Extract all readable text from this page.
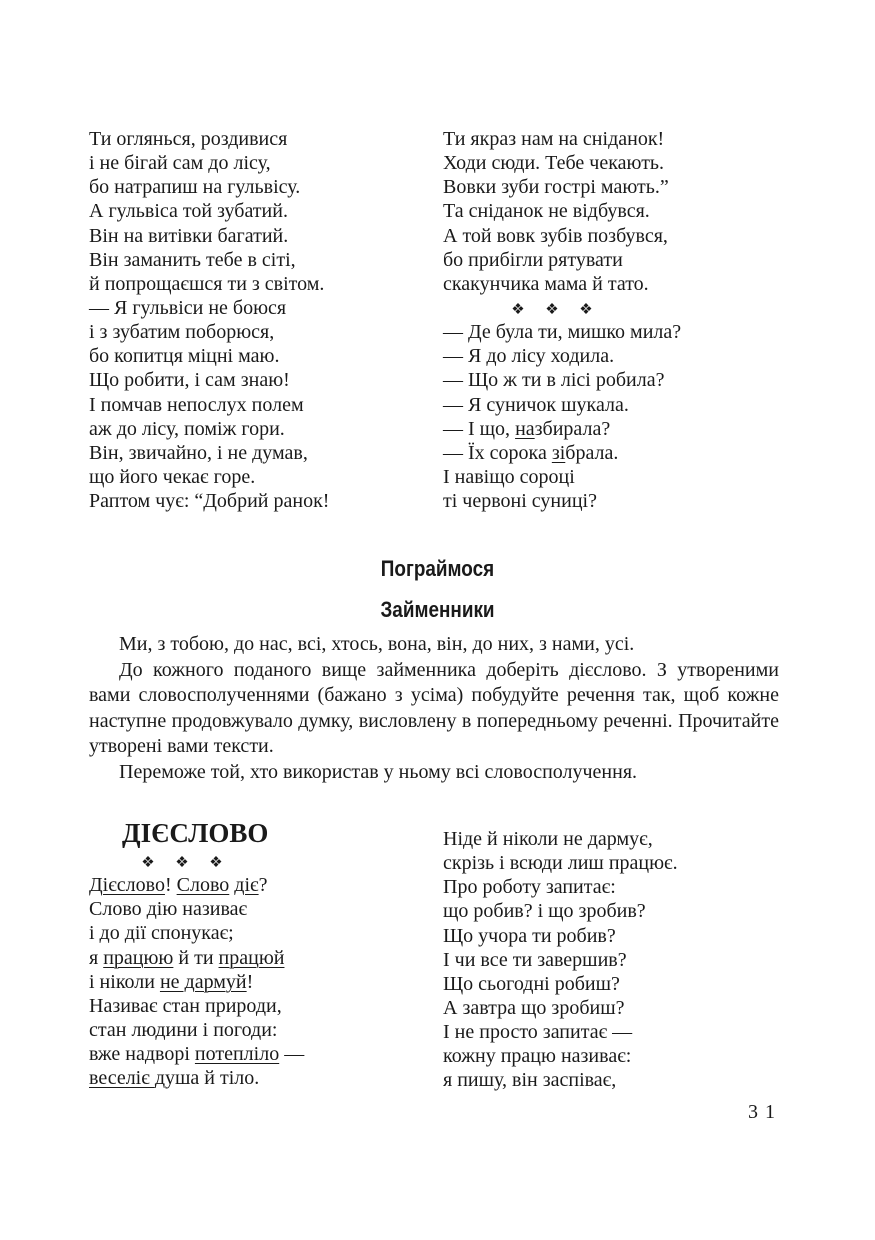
Ти огляньcя, роздивися
і не бігай сам до лісу,
бо натрапиш на гульвісу.
А гульвіса той зубатий.
Він на витівки багатий.
Він заманить тебе в сіті,
й попрощаєшся ти з світом.
— Я гульвіси не боюся
і з зубатим поборюся,
бо копитця міцні маю.
Що робити, і сам знаю!
І помчав непослух полем
аж до лісу, поміж гори.
Він, звичайно, і не думав,
що його чекає горе.
Раптом чує: “Добрий ранок!
Ти якраз нам на сніданок!
Ходи сюди. Тебе чекають.
Вовки зуби гострі мають.”
Та сніданок не відбувся.
А той вовк зубів позбувся,
бо прибігли рятувати
скакунчика мама й тато.
❖ ❖ ❖
— Де була ти, мишко мила?
— Я до лісу ходила.
— Що ж ти в лісі робила?
— Я суничок шукала.
— І що, назбирала?
— Їх сорока зібрала.
І навіщо сороці
ті червоні суниці?
Пограймося
Займенники

Ми, з тобою, до нас, всі, хтось, вона, він, до них, з нами, усі.

До кожного поданого вище займенника доберіть дієслово. З утвореними вами словосполученнями (бажано з усіма) побудуйте речення так, щоб кожне наступне продовжувало думку, висловлену в попередньому реченні. Прочитайте утворені вами тексти.

Переможе той, хто використав у ньому всі словосполучення.

ДІЄСЛОВО
❖ ❖ ❖
Дієслово! Слово діє?
Слово дію називає
і до дії спонукає;
я працюю й ти працюй
і ніколи не дармуй!
Називає стан природи,
стан людини і погоди:
вже надворі потепліло —
веселіє душа й тіло.
Ніде й ніколи не дармує,
скрізь і всюди лиш працює.
Про роботу запитає:
що робив? і що зробив?
Що учора ти робив?
І чи все ти завершив?
Що сьогодні робиш?
А завтра що зробиш?
І не просто запитає —
кожну працю називає:
я пишу, він заспіває,
31
